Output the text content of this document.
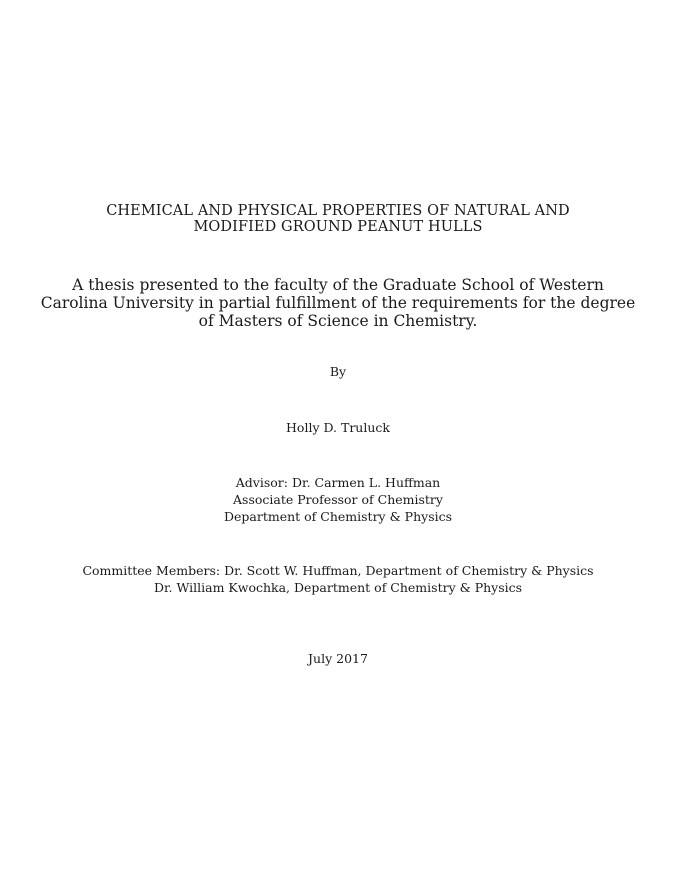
CHEMICAL AND PHYSICAL PROPERTIES OF NATURAL AND
MODIFIED GROUND PEANUT HULLS
A thesis presented to the faculty of the Graduate School of Western
Carolina University in partial fulfillment of the requirements for the degree
of Masters of Science in Chemistry.
By
Holly D. Truluck
Advisor: Dr. Carmen L. Huffman
Associate Professor of Chemistry
Department of Chemistry & Physics
Committee Members: Dr. Scott W. Huffman, Department of Chemistry & Physics
Dr. William Kwochka, Department of Chemistry & Physics
July 2017
